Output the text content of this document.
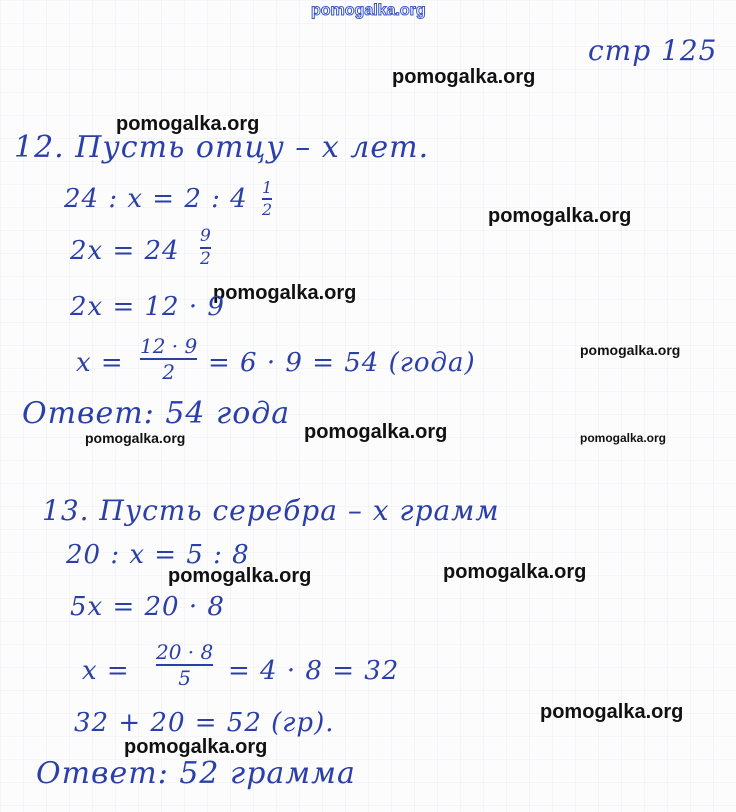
pomogalka.org
стр 125
pomogalka.org
pomogalka.org
pomogalka.org
pomogalka.org
pomogalka.org
pomogalka.org	pomogalka.org	pomogalka.org
pomogalka.org	pomogalka.org
pomogalka.org
pomogalka.org
12. Пусть отцу – x лет.
24 : x = 2 : 4 1
2
2x = 24 9
2
2x = 12 · 9
x =
12 · 9
2 = 6 · 9 = 54 (года)
Ответ: 54 года
13. Пусть серебра – x грамм
20 : x = 5 : 8
5x = 20 · 8
x =
20 · 8
5 = 4 · 8 = 32
32 + 20 = 52 (гр).
Ответ: 52 грамма
